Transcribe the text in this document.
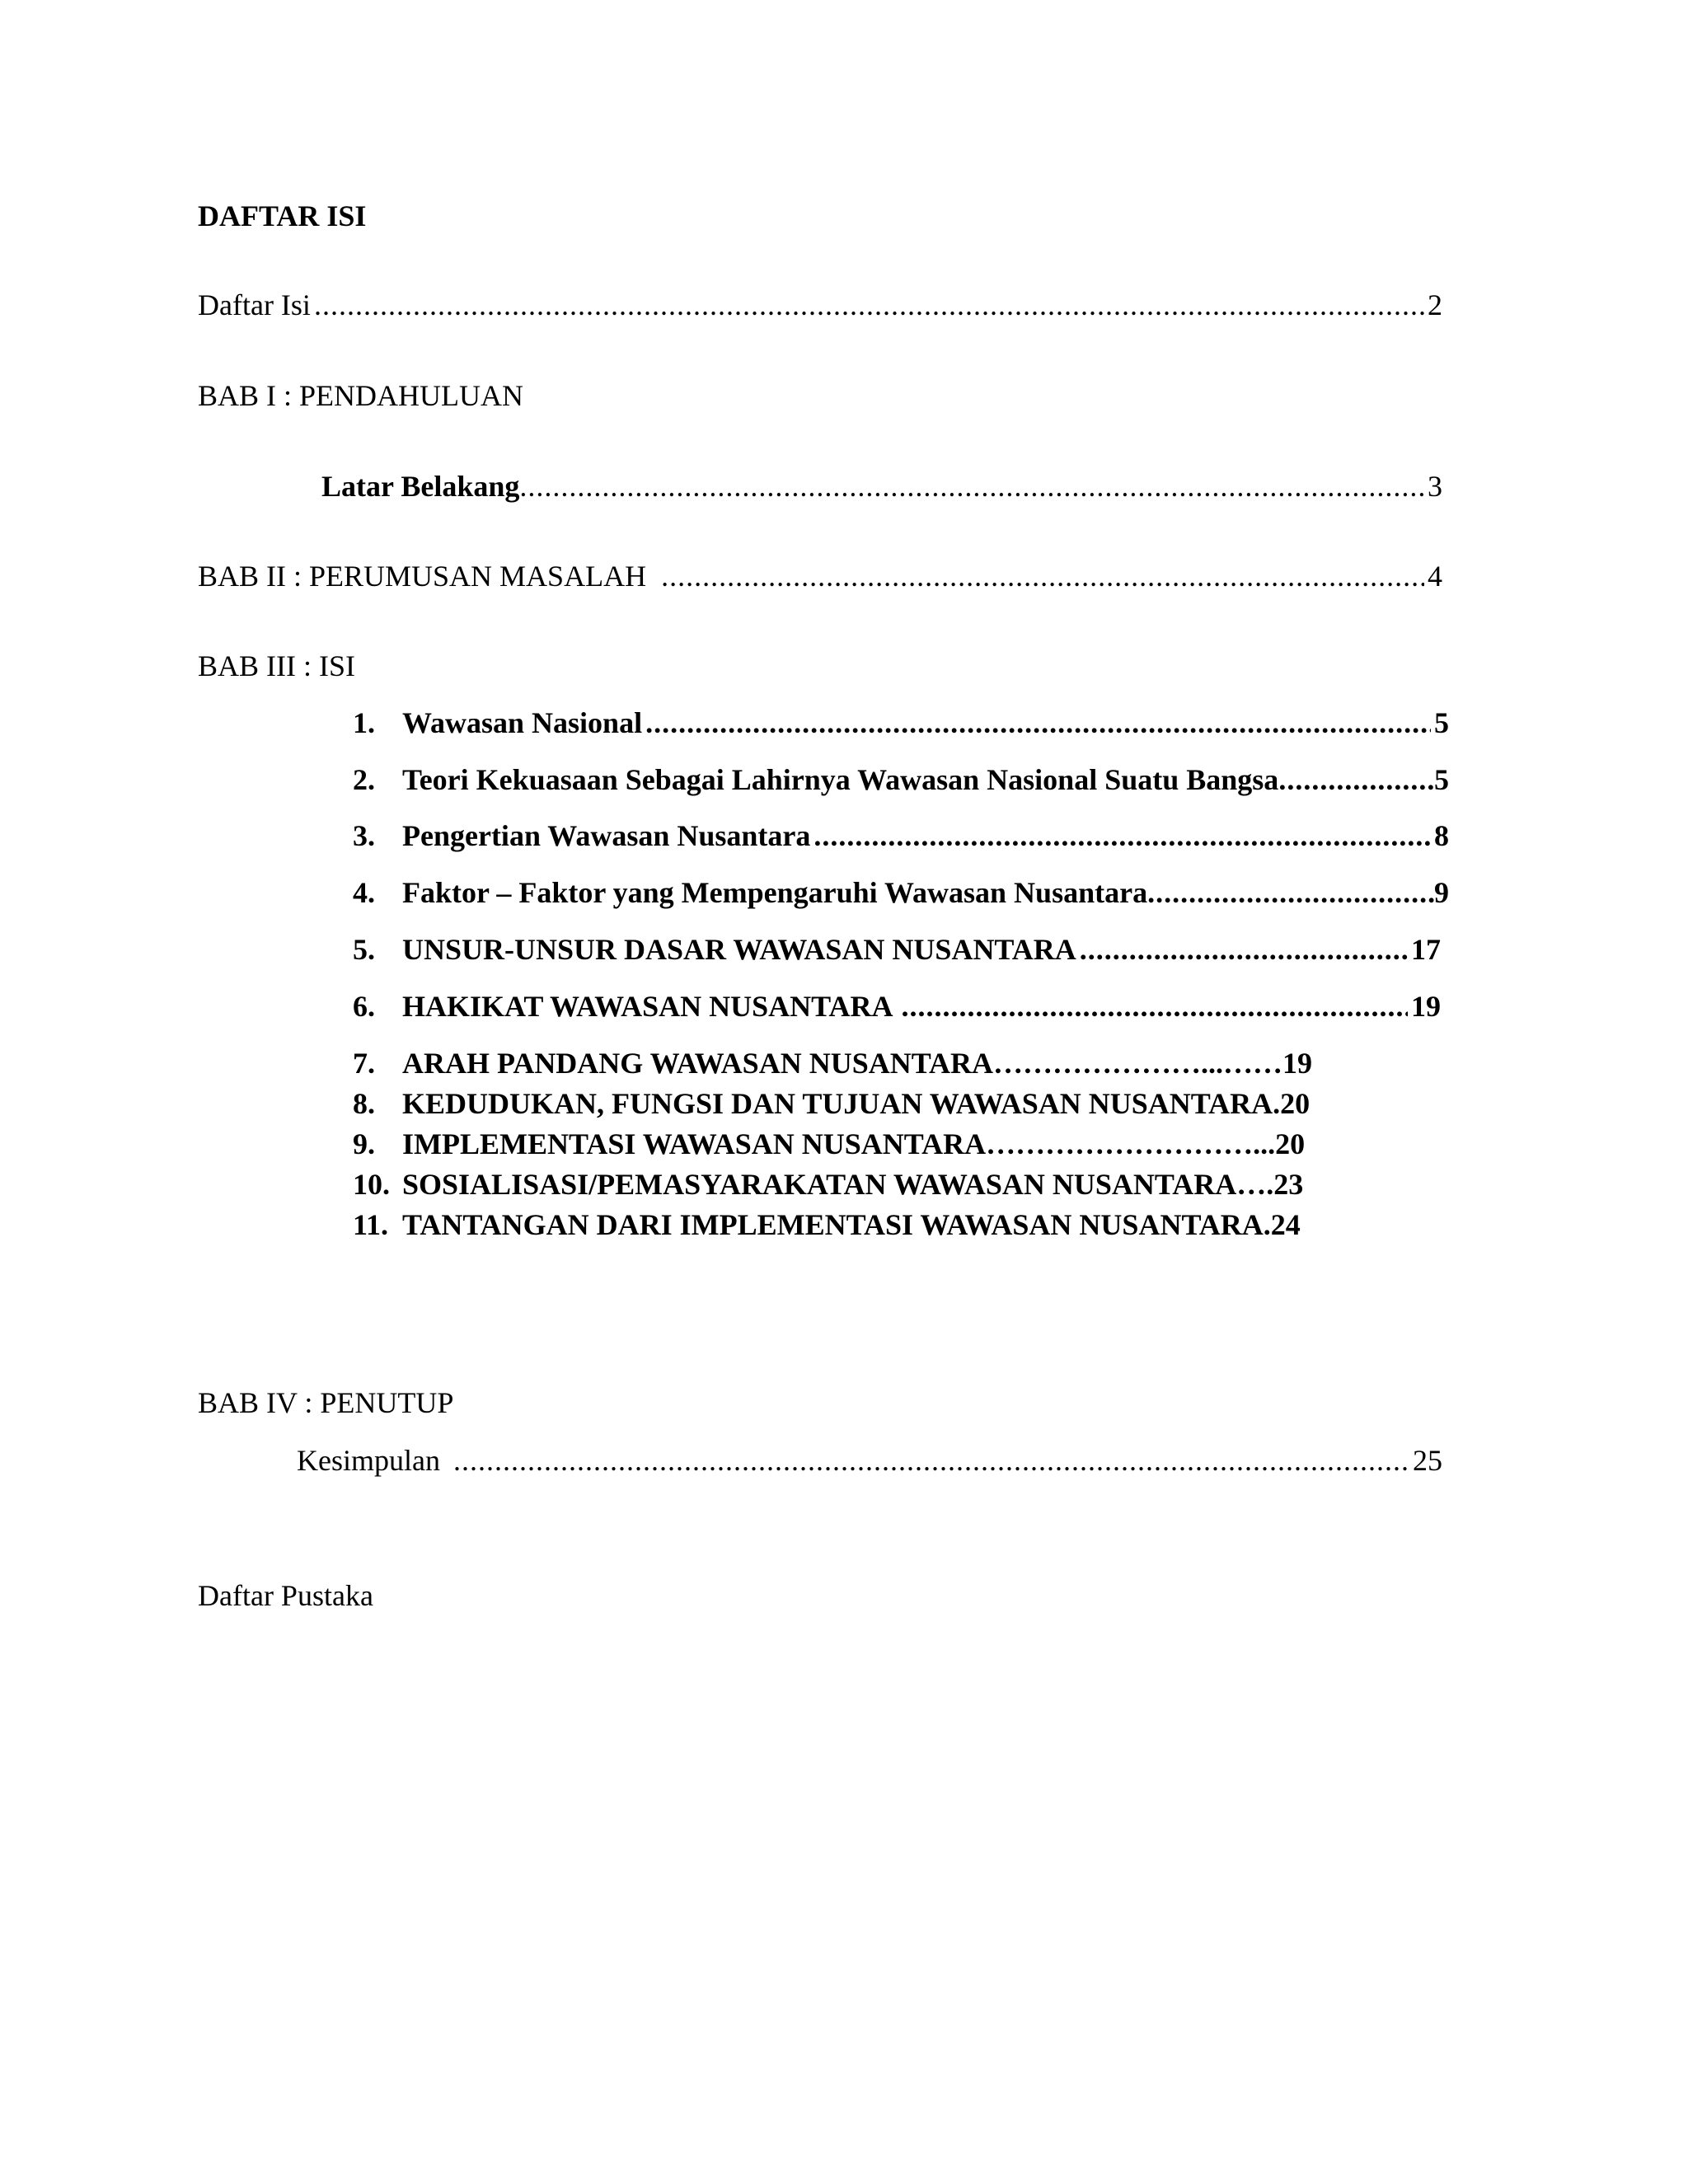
DAFTAR ISI
Daftar Isi .....	2
BAB I : PENDAHULUAN
Latar Belakang .....	3
BAB II : PERUMUSAN MASALAH .....	4
BAB III : ISI
1. Wawasan Nasional .....	5
2. Teori Kekuasaan Sebagai Lahirnya Wawasan Nasional Suatu Bangsa .....	5
3. Pengertian Wawasan Nusantara .....	8
4. Faktor – Faktor yang Mempengaruhi Wawasan Nusantara .....	9
5. UNSUR-UNSUR DASAR WAWASAN NUSANTARA .....	17
6. HAKIKAT WAWASAN NUSANTARA .....	19
7. ARAH PANDANG WAWASAN NUSANTARA…………………...……19
8. KEDUDUKAN, FUNGSI DAN TUJUAN WAWASAN NUSANTARA.20
9. IMPLEMENTASI WAWASAN NUSANTARA………………………...20
10. SOSIALISASI/PEMASYARAKATAN WAWASAN NUSANTARA….23
11. TANTANGAN DARI IMPLEMENTASI WAWASAN NUSANTARA.24
BAB IV : PENUTUP
Kesimpulan .....	25
Daftar Pustaka
